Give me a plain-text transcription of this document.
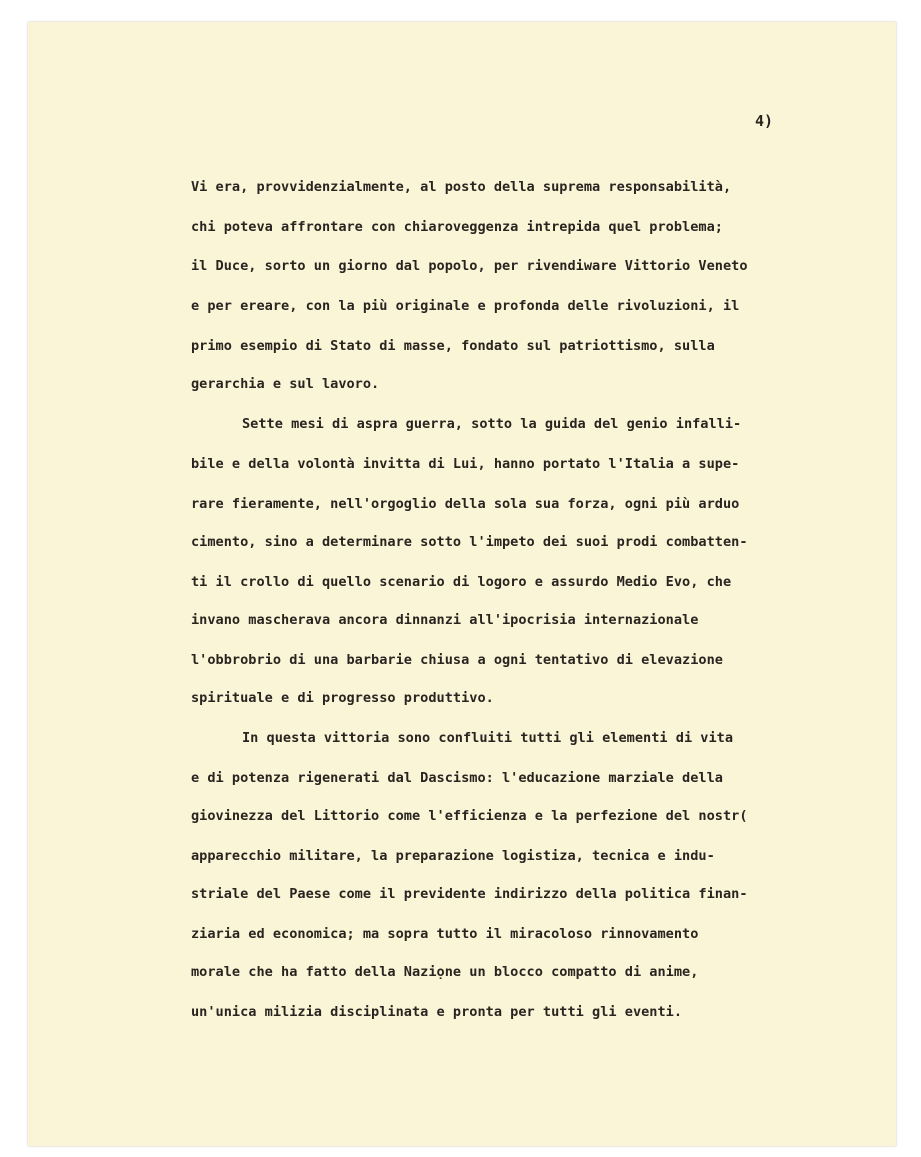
4)
Vi era, provvidenzialmente, al posto della suprema responsabilità,
chi poteva affrontare con chiaroveggenza intrepida quel problema;
il Duce, sorto un giorno dal popolo, per rivendiware Vittorio Veneto
e per ereare, con la più originale e profonda delle rivoluzioni, il
primo esempio di Stato di masse, fondato sul patriottismo, sulla
gerarchia e sul lavoro.
Sette mesi di aspra guerra, sotto la guida del genio infalli-
bile e della volontà invitta di Lui, hanno portato l'Italia a supe-
rare fieramente, nell'orgoglio della sola sua forza, ogni più arduo
cimento, sino a determinare sotto l'impeto dei suoi prodi combatten-
ti il crollo di quello scenario di logoro e assurdo Medio Evo, che
invano mascherava ancora dinnanzi all'ipocrisia internazionale
l'obbrobrio di una barbarie chiusa a ogni tentativo di elevazione
spirituale e di progresso produttivo.
In questa vittoria sono confluiti tutti gli elementi di vita
e di potenza rigenerati dal Dascismo: l'educazione marziale della
giovinezza del Littorio come l'efficienza e la perfezione del nostr(
apparecchio militare, la preparazione logistiza, tecnica e indu-
striale del Paese come il previdente indirizzo della politica finan-
ziaria ed economica; ma sopra tutto il miracoloso rinnovamento
morale che ha fatto della Naziọne un blocco compatto di anime,
un'unica milizia disciplinata e pronta per tutti gli eventi.
